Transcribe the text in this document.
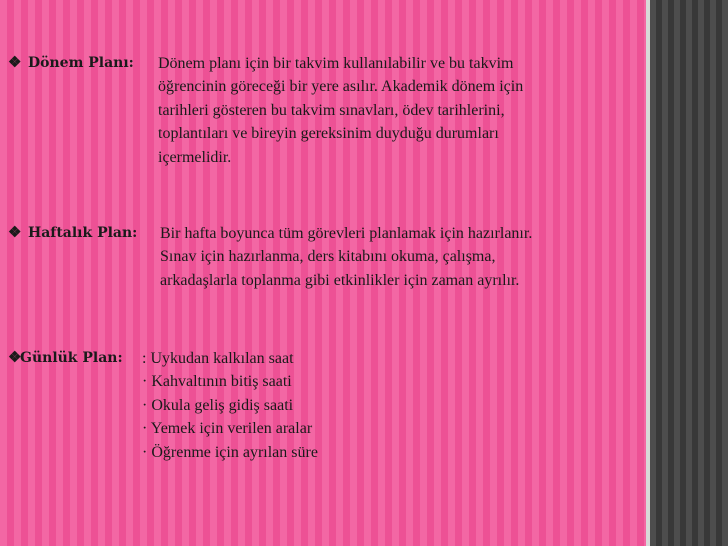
❖ Dönem Planı: Dönem planı için bir takvim kullanılabilir ve bu takvim
öğrencinin göreceği bir yere asılır. Akademik dönem için
tarihleri gösteren bu takvim sınavları, ödev tarihlerini,
toplantıları ve bireyin gereksinim duyduğu durumları
içermelidir.
❖ Haftalık Plan: Bir hafta boyunca tüm görevleri planlamak için hazırlanır.
Sınav için hazırlanma, ders kitabını okuma, çalışma,
arkadaşlarla toplanma gibi etkinlikler için zaman ayrılır.
❖Günlük Plan: : Uykudan kalkılan saat
· Kahvaltının bitiş saati
· Okula geliş gidiş saati
· Yemek için verilen aralar
· Öğrenme için ayrılan süre
